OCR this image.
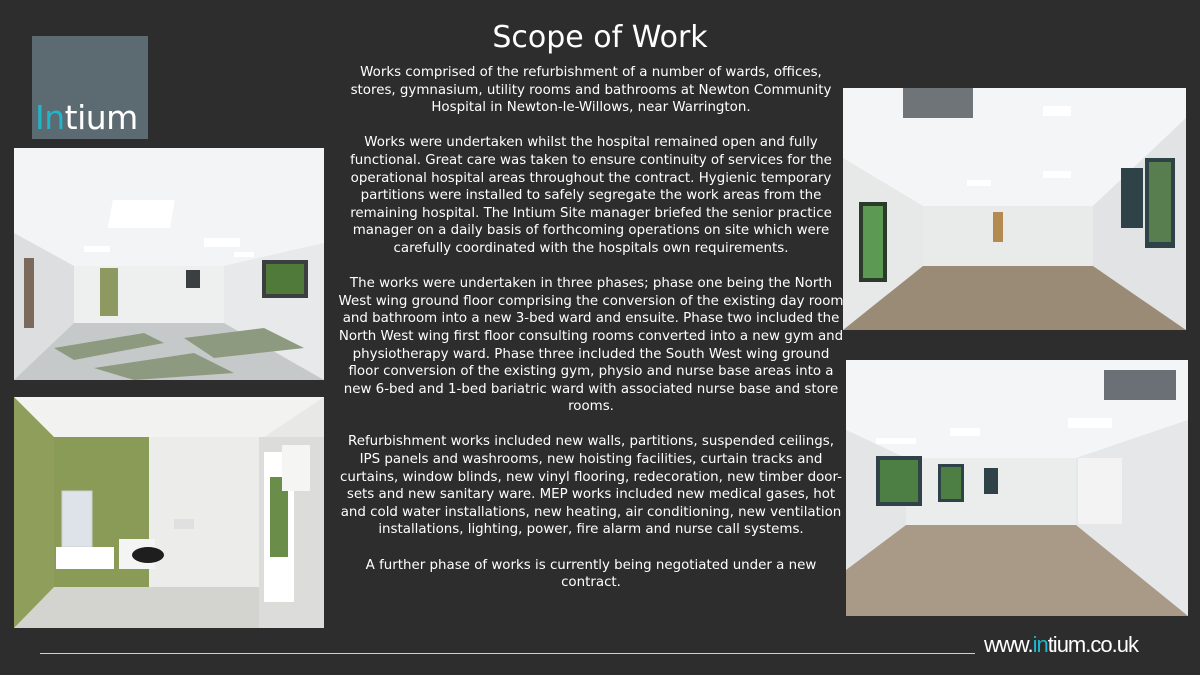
Intium
Scope of Work

Works comprised of the refurbishment of a number of wards, offices, stores, gymnasium, utility rooms and bathrooms at Newton Community Hospital in Newton-le-Willows, near Warrington.

Works were undertaken whilst the hospital remained open and fully functional. Great care was taken to ensure continuity of services for the operational hospital areas throughout the contract. Hygienic temporary partitions were installed to safely segregate the work areas from the remaining hospital. The Intium Site manager briefed the senior practice manager on a daily basis of forthcoming operations on site which were carefully coordinated with the hospitals own requirements.

The works were undertaken in three phases; phase one being the North West wing ground floor comprising the conversion of the existing day room and bathroom into a new 3-bed ward and ensuite. Phase two included the North West wing first floor consulting rooms converted into a new gym and physiotherapy ward. Phase three included the South West wing ground floor conversion of the existing gym, physio and nurse base areas into a new 6-bed and 1-bed bariatric ward with associated nurse base and store rooms.

Refurbishment works included new walls, partitions, suspended ceilings, IPS panels and washrooms, new hoisting facilities, curtain tracks and curtains, window blinds, new vinyl flooring, redecoration, new timber door-sets and new sanitary ware. MEP works included new medical gases, hot and cold water installations, new heating, air conditioning, new ventilation installations, lighting, power, fire alarm and nurse call systems.

A further phase of works is currently being negotiated under a new contract.

www.intium.co.uk
